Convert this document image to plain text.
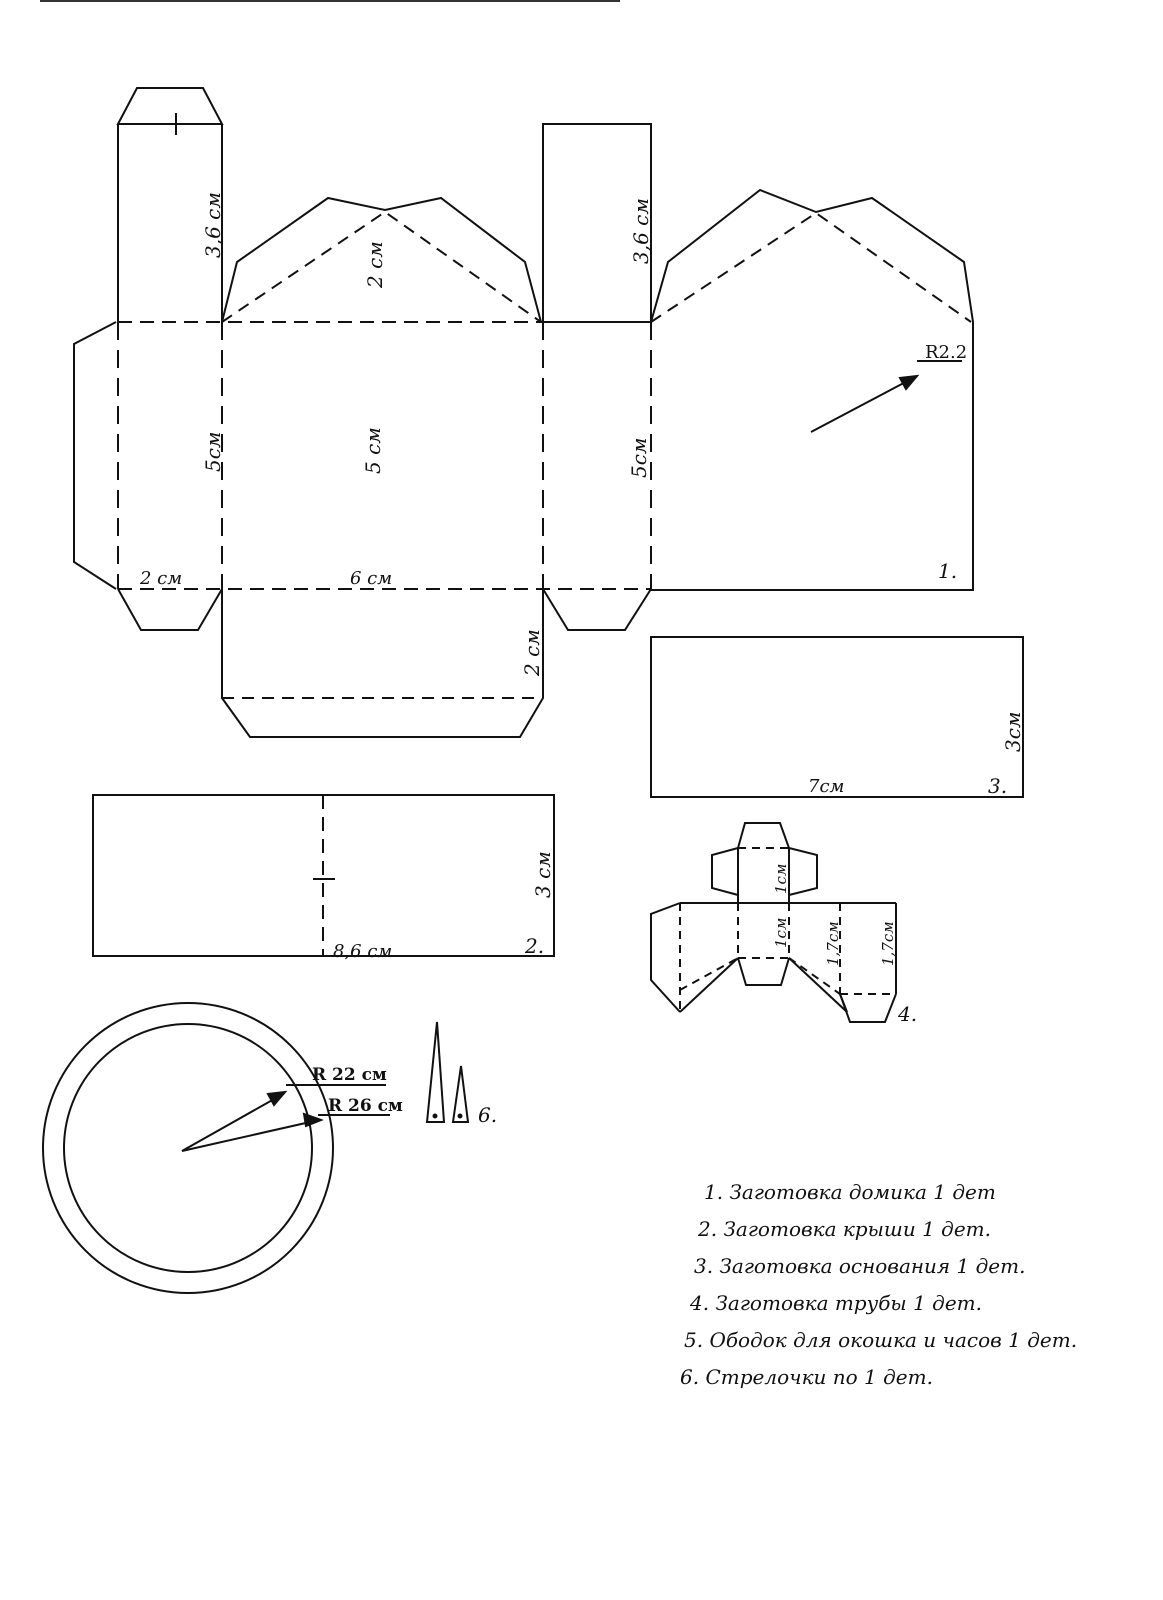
3,6 см
2 см
3,6 см
R2.2
5см	5 см	5см
2 см	6 см
2 см
1.
3см
7см	3.
3 см
8,6 см	2.
1см
1см 1,7см 1,7см
4.
R 22 см
R 26 см	6.
1. Заготовка домика 1 дет
2. Заготовка крыши 1 дет.
3. Заготовка основания 1 дет.
4. Заготовка трубы 1 дет.
5. Ободок для окошка и часов 1 дет.
6. Стрелочки по 1 дет.
